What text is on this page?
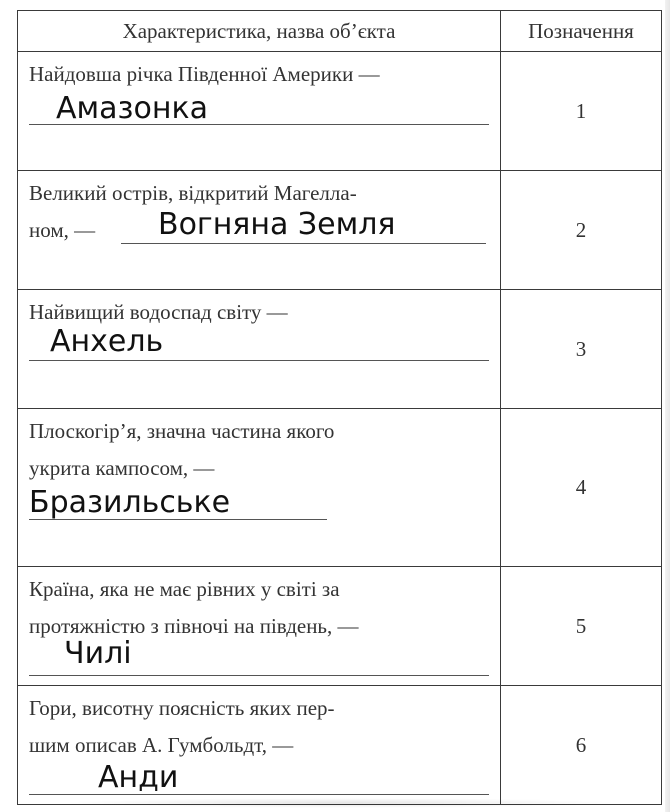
Характеристика, назва об’єкта	Позначення

Найдовша річка Південної Америки —
Амазонка	1

Великий острів, відкритий Магелла-
ном, — Вогняна Земля	2

Найвищий водоспад світу —
Анхель	3

Плоскогір’я, значна частина якого
укрита кампосом, —
Бразильське	4

Країна, яка не має рівних у світі за
протяжністю з півночі на південь, —
Чилі	5

Гори, висотну поясність яких пер-
шим описав А. Гумбольдт, —
Анди	6
